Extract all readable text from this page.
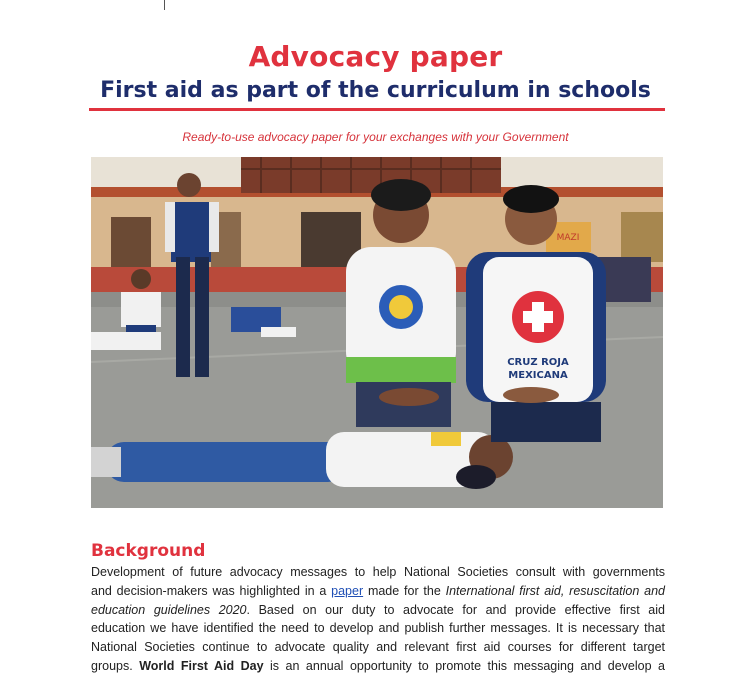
Advocacy paper
First aid as part of the curriculum in schools
Ready-to-use advocacy paper for your exchanges with your Government
MAZI
CRUZ ROJA
MEXICANA
Background
Development of future advocacy messages to help National Societies consult with governments
and decision-makers was highlighted in a paper made for the International first aid, resuscitation and
education guidelines 2020. Based on our duty to advocate for and provide effective first aid
education we have identified the need to develop and publish further messages. It is necessary that
National Societies continue to advocate quality and relevant first aid courses for different target
groups. World First Aid Day is an annual opportunity to promote this messaging and develop a
